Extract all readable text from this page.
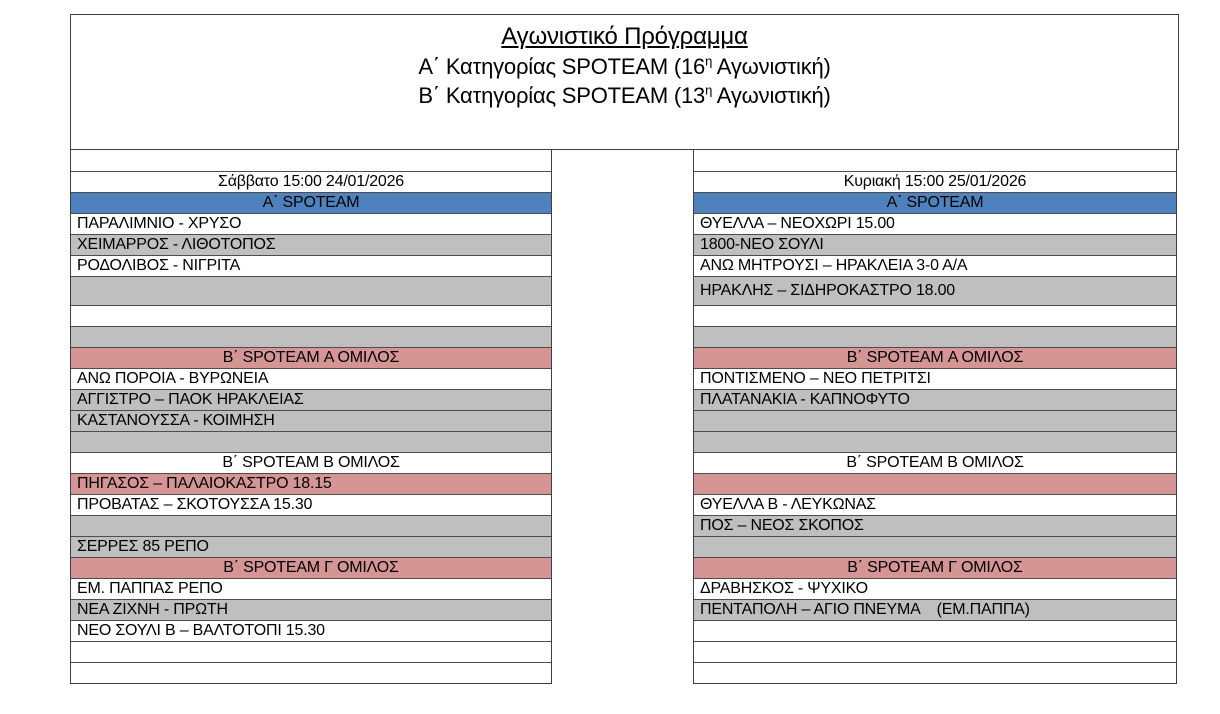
Αγωνιστικό Πρόγραμμα
Α΄ Κατηγορίας SPOTEAM ($16^\eta$ Αγωνιστική)
Β΄ Κατηγορίας SPOTEAM ($13^\eta$ Αγωνιστική)
Σάββατο 15:00 24/01/2026
Α΄ SPOTEAM
ΠΑΡΑΛΙΜΝΙΟ - ΧΡΥΣΟ
ΧΕΙΜΑΡΡΟΣ - ΛΙΘΟΤΟΠΟΣ
ΡΟΔΟΛΙΒΟΣ - ΝΙΓΡΙΤΑ
Β΄ SPOTEAM Α ΟΜΙΛΟΣ
ΑΝΩ ΠΟΡΟΙΑ - ΒΥΡΩΝΕΙΑ
ΑΓΓΙΣΤΡΟ – ΠΑΟΚ ΗΡΑΚΛΕΙΑΣ
ΚΑΣΤΑΝΟΥΣΣΑ - ΚΟΙΜΗΣΗ
Β΄ SPOTEAM Β ΟΜΙΛΟΣ
ΠΗΓΑΣΟΣ – ΠΑΛΑΙΟΚΑΣΤΡΟ 18.15
ΠΡΟΒΑΤΑΣ – ΣΚΟΤΟΥΣΣΑ 15.30
ΣΕΡΡΕΣ 85 ΡΕΠΟ
Β΄ SPOTEAM Γ ΟΜΙΛΟΣ
ΕΜ. ΠΑΠΠΑΣ ΡΕΠΟ
ΝΕΑ ΖΙΧΝΗ - ΠΡΩΤΗ
ΝΕΟ ΣΟΥΛΙ Β – ΒΑΛΤΟΤΟΠΙ 15.30
Κυριακή 15:00 25/01/2026
Α΄ SPOTEAM
ΘΥΕΛΛΑ – ΝΕΟΧΩΡΙ 15.00
1800-ΝΕΟ ΣΟΥΛΙ
ΑΝΩ ΜΗΤΡΟΥΣΙ – ΗΡΑΚΛΕΙΑ 3-0 Α/Α
ΗΡΑΚΛΗΣ – ΣΙΔΗΡΟΚΑΣΤΡΟ 18.00
Β΄ SPOTEAM Α ΟΜΙΛΟΣ
ΠΟΝΤΙΣΜΕΝΟ – ΝΕΟ ΠΕΤΡΙΤΣΙ
ΠΛΑΤΑΝΑΚΙΑ - ΚΑΠΝΟΦΥΤΟ
Β΄ SPOTEAM Β ΟΜΙΛΟΣ
ΘΥΕΛΛΑ Β - ΛΕΥΚΩΝΑΣ
ΠΟΣ – ΝΕΟΣ ΣΚΟΠΟΣ
Β΄ SPOTEAM Γ ΟΜΙΛΟΣ
ΔΡΑΒΗΣΚΟΣ - ΨΥΧΙΚΟ
ΠΕΝΤΑΠΟΛΗ – ΑΓΙΟ ΠΝΕΥΜΑ    (ΕΜ.ΠΑΠΠΑ)
